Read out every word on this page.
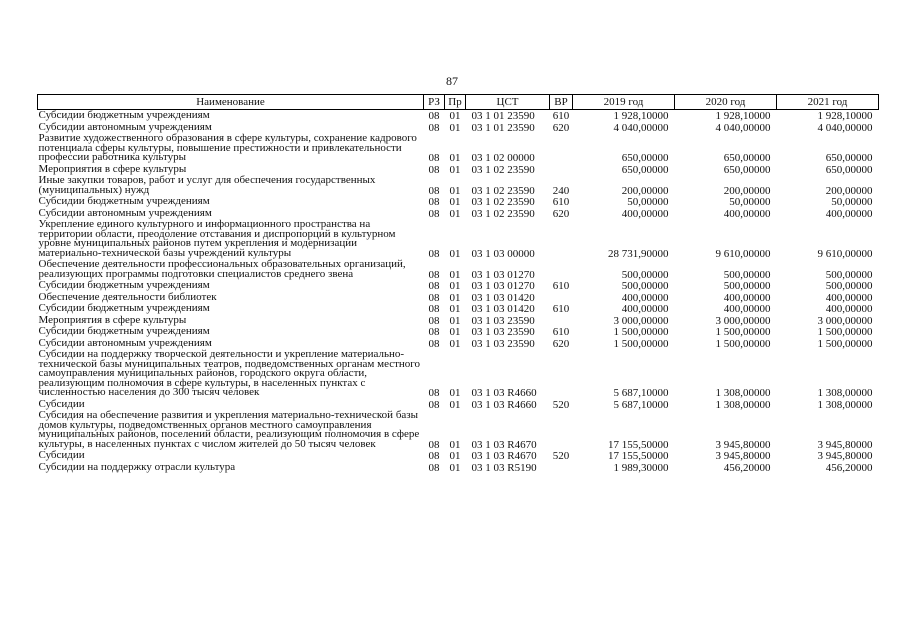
87
Наименование	РЗ	Пр	ЦСТ	ВР	2019 год	2020 год	2021 год
Субсидии бюджетным учреждениям	08	01	03 1 01 23590	610	1 928,10000	1 928,10000	1 928,10000
Субсидии автономным учреждениям	08	01	03 1 01 23590	620	4 040,00000	4 040,00000	4 040,00000
Развитие художественного образования в сфере культуры, сохранение кадрового потенциала сферы культуры, повышение престижности и привлекательности профессии работника культуры	08	01	03 1 02 00000		650,00000	650,00000	650,00000
Мероприятия в сфере культуры	08	01	03 1 02 23590		650,00000	650,00000	650,00000
Иные закупки товаров, работ и услуг для обеспечения государственных (муниципальных) нужд	08	01	03 1 02 23590	240	200,00000	200,00000	200,00000
Субсидии бюджетным учреждениям	08	01	03 1 02 23590	610	50,00000	50,00000	50,00000
Субсидии автономным учреждениям	08	01	03 1 02 23590	620	400,00000	400,00000	400,00000
Укрепление единого культурного и информационного пространства на территории области, преодоление отставания и диспропорций в культурном уровне муниципальных районов путем укрепления и модернизации материально-технической базы учреждений культуры	08	01	03 1 03 00000		28 731,90000	9 610,00000	9 610,00000
Обеспечение деятельности профессиональных образовательных организаций, реализующих программы подготовки специалистов среднего звена	08	01	03 1 03 01270		500,00000	500,00000	500,00000
Субсидии бюджетным учреждениям	08	01	03 1 03 01270	610	500,00000	500,00000	500,00000
Обеспечение деятельности библиотек	08	01	03 1 03 01420		400,00000	400,00000	400,00000
Субсидии бюджетным учреждениям	08	01	03 1 03 01420	610	400,00000	400,00000	400,00000
Мероприятия в сфере культуры	08	01	03 1 03 23590		3 000,00000	3 000,00000	3 000,00000
Субсидии бюджетным учреждениям	08	01	03 1 03 23590	610	1 500,00000	1 500,00000	1 500,00000
Субсидии автономным учреждениям	08	01	03 1 03 23590	620	1 500,00000	1 500,00000	1 500,00000
Субсидии на поддержку творческой деятельности и укрепление материально-технической базы муниципальных театров, подведомственных органам местного самоуправления муниципальных районов, городского округа области, реализующим полномочия в сфере культуры, в населенных пунктах с численностью населения до 300 тысяч человек	08	01	03 1 03 R4660		5 687,10000	1 308,00000	1 308,00000
Субсидии	08	01	03 1 03 R4660	520	5 687,10000	1 308,00000	1 308,00000
Субсидия на обеспечение развития и укрепления материально-технической базы домов культуры, подведомственных органов местного самоуправления муниципальных районов, поселений области, реализующим полномочия в сфере культуры, в населенных пунктах с числом жителей до 50 тысяч человек	08	01	03 1 03 R4670		17 155,50000	3 945,80000	3 945,80000
Субсидии	08	01	03 1 03 R4670	520	17 155,50000	3 945,80000	3 945,80000
Субсидии на поддержку отрасли культура	08	01	03 1 03 R5190		1 989,30000	456,20000	456,20000
